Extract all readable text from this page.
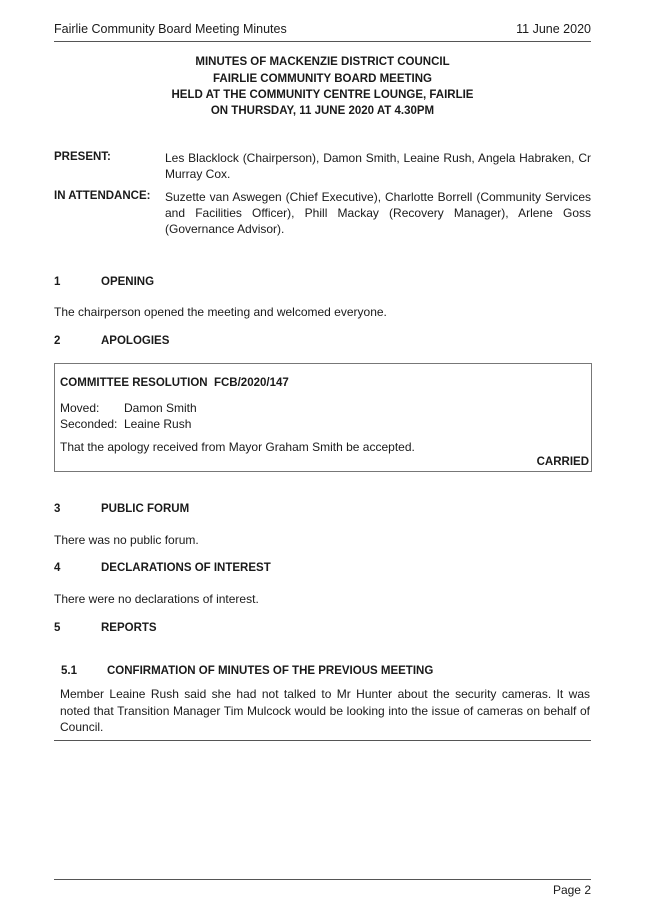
Fairlie Community Board Meeting Minutes	11 June 2020
MINUTES OF MACKENZIE DISTRICT COUNCIL
FAIRLIE COMMUNITY BOARD MEETING
HELD AT THE COMMUNITY CENTRE LOUNGE, FAIRLIE
ON THURSDAY, 11 JUNE 2020 AT 4.30PM
PRESENT:	Les Blacklock (Chairperson), Damon Smith, Leaine Rush, Angela Habraken, Cr Murray Cox.
IN ATTENDANCE: Suzette van Aswegen (Chief Executive), Charlotte Borrell (Community Services and Facilities Officer), Phill Mackay (Recovery Manager), Arlene Goss (Governance Advisor).
1	OPENING
The chairperson opened the meeting and welcomed everyone.
2	APOLOGIES
COMMITTEE RESOLUTION  FCB/2020/147
Moved: Damon Smith
Seconded: Leaine Rush
That the apology received from Mayor Graham Smith be accepted.
CARRIED
3	PUBLIC FORUM
There was no public forum.
4	DECLARATIONS OF INTEREST
There were no declarations of interest.
5	REPORTS
5.1	CONFIRMATION OF MINUTES OF THE PREVIOUS MEETING
Member Leaine Rush said she had not talked to Mr Hunter about the security cameras. It was noted that Transition Manager Tim Mulcock would be looking into the issue of cameras on behalf of Council.
Page 2
